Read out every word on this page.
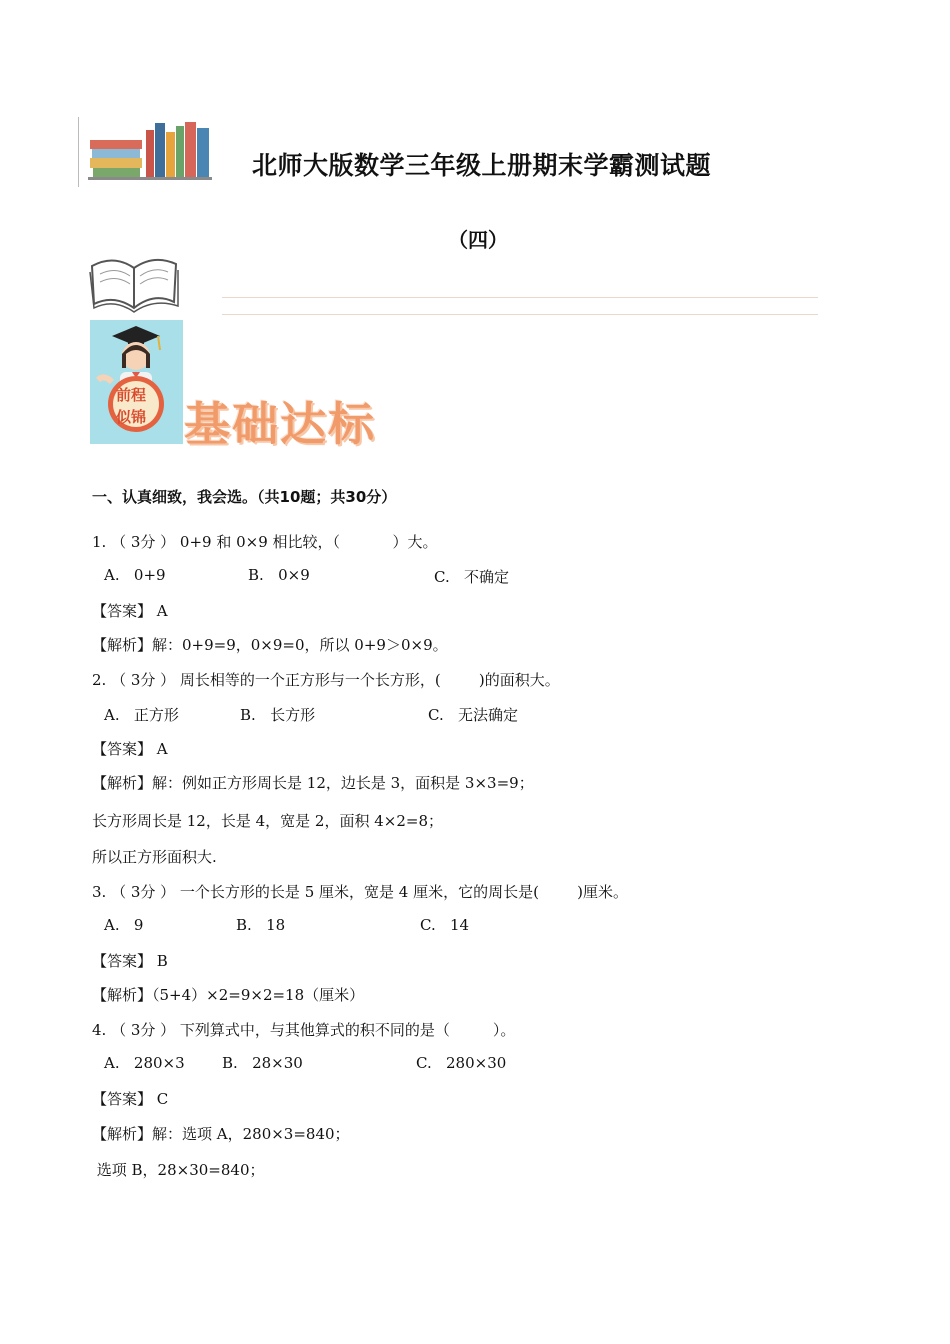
北师大版数学三年级上册期末学霸测试题
（四）
前程
似锦 基础达标
一、认真细致，我会选。（共10题；共30分）
1. （ 3分 ） 0+9 和 0×9 相比较，（           ）大。
A.   0+9	B.   0×9	C.   不确定
【答案】 A
【解析】解：0+9=9，0×9=0，所以 0+9＞0×9。
2. （ 3分 ） 周长相等的一个正方形与一个长方形，(        )的面积大。
A.   正方形	B.   长方形	C.   无法确定
【答案】 A
【解析】解：例如正方形周长是 12，边长是 3，面积是 3×3=9；
长方形周长是 12，长是 4，宽是 2，面积 4×2=8；
所以正方形面积大.
3. （ 3分 ） 一个长方形的长是 5 厘米，宽是 4 厘米，它的周长是(        )厘米。
A.   9	B.   18	C.   14
【答案】 B
【解析】（5+4）×2=9×2=18（厘米）
4. （ 3分 ） 下列算式中，与其他算式的积不同的是（         ）。
A.   280×3 B.   28×30	C.   280×30
【答案】 C
【解析】解：选项 A，280×3=840；
选项 B，28×30=840；
